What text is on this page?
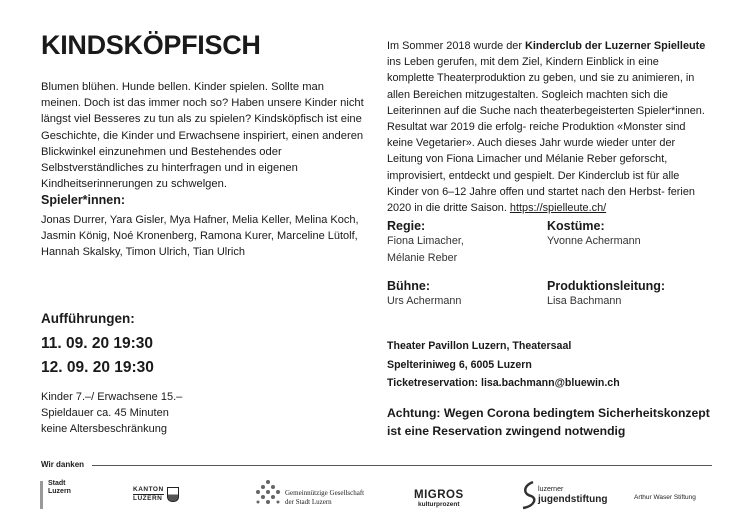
KINDSKÖPFISCH
Blumen blühen. Hunde bellen. Kinder spielen. Sollte man meinen. Doch ist das immer noch so? Haben unsere Kinder nicht längst viel Besseres zu tun als zu spielen? Kindsköpfisch ist eine Geschichte, die Kinder und Erwachsene inspiriert, einen anderen Blickwinkel einzunehmen und Bestehendes oder Selbstverständliches zu hinterfragen und in eigenen Kindheitserinnerungen zu schwelgen.
Spieler*innen:
Jonas Durrer, Yara Gisler, Mya Hafner, Melia Keller, Melina Koch, Jasmin König, Noé Kronenberg, Ramona Kurer, Marceline Lütolf, Hannah Skalsky, Timon Ulrich, Tian Ulrich
Aufführungen:
11. 09. 20 19:30
12. 09. 20 19:30
Kinder 7.–/ Erwachsene 15.–
Spieldauer ca. 45 Minuten
keine Altersbeschränkung
Im Sommer 2018 wurde der Kinderclub der Luzerner Spielleute ins Leben gerufen, mit dem Ziel, Kindern Einblick in eine komplette Theaterproduktion zu geben, und sie zu animieren, in allen Bereichen mitzugestalten. Sogleich machten sich die Leiterinnen auf die Suche nach theaterbegeisterten Spieler*innen. Resultat war 2019 die erfolg- reiche Produktion «Monster sind keine Vegetarier». Auch dieses Jahr wurde wieder unter der Leitung von Fiona Limacher und Mélanie Reber geforscht, improvisiert, entdeckt und gespielt. Der Kinderclub ist für alle Kinder von 6–12 Jahre offen und startet nach den Herbst- ferien 2020 in die dritte Saison. https://spielleute.ch/
Regie:
Fiona Limacher,
Mélanie Reber
Kostüme:
Yvonne Achermann
Bühne:
Urs Achermann
Produktionsleitung:
Lisa Bachmann
Theater Pavillon Luzern, Theatersaal
Spelteriniweg 6, 6005 Luzern
Ticketreservation: lisa.bachmann@bluewin.ch
Achtung: Wegen Corona bedingtem Sicherheitskonzept ist eine Reservation zwingend notwendig
Wir danken
Stadt
Luzern	KANTON
LUZERN
Gemeinnützige Gesellschaft
der Stadt Luzern
MIGROS
kulturprozent
luzerner
jugendstiftung	Arthur Waser Stiftung
